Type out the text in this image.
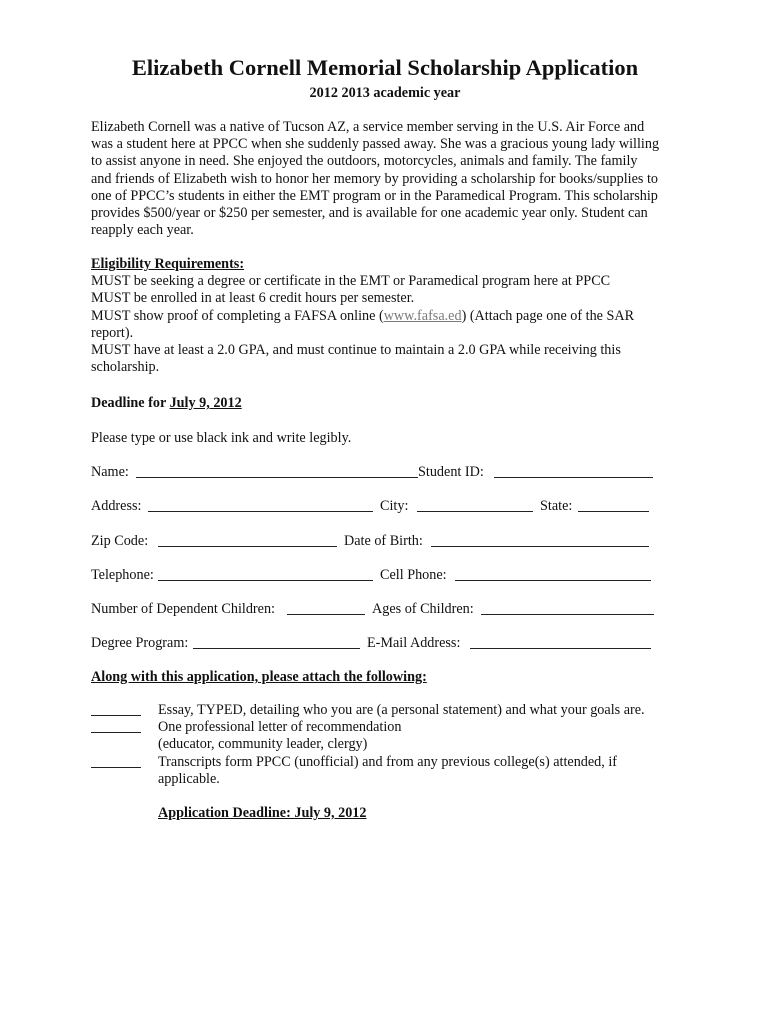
Elizabeth Cornell Memorial Scholarship Application
2012 2013 academic year
Elizabeth Cornell was a native of Tucson AZ, a service member serving in the U.S. Air Force and
was a student here at PPCC when she suddenly passed away. She was a gracious young lady willing
to assist anyone in need. She enjoyed the outdoors, motorcycles, animals and family. The family
and friends of Elizabeth wish to honor her memory by providing a scholarship for books/supplies to
one of PPCC’s students in either the EMT program or in the Paramedical Program. This scholarship
provides $500/year or $250 per semester, and is available for one academic year only. Student can
reapply each year.
Eligibility Requirements:
MUST be seeking a degree or certificate in the EMT or Paramedical program here at PPCC
MUST be enrolled in at least 6 credit hours per semester.
MUST show proof of completing a FAFSA online (www.fafsa.ed) (Attach page one of the SAR
report).
MUST have at least a 2.0 GPA, and must continue to maintain a 2.0 GPA while receiving this
scholarship.
Deadline for July 9, 2012
Please type or use black ink and write legibly.
Name:	Student ID:
Address:	City:	State:
Zip Code:	Date of Birth:
Telephone:	Cell Phone:
Number of Dependent Children:	Ages of Children:
Degree Program:	E-Mail Address:
Along with this application, please attach the following:
Essay, TYPED, detailing who you are (a personal statement) and what your goals are.
One professional letter of recommendation
(educator, community leader, clergy)
Transcripts form PPCC (unofficial) and from any previous college(s) attended, if
applicable.
Application Deadline: July 9, 2012
